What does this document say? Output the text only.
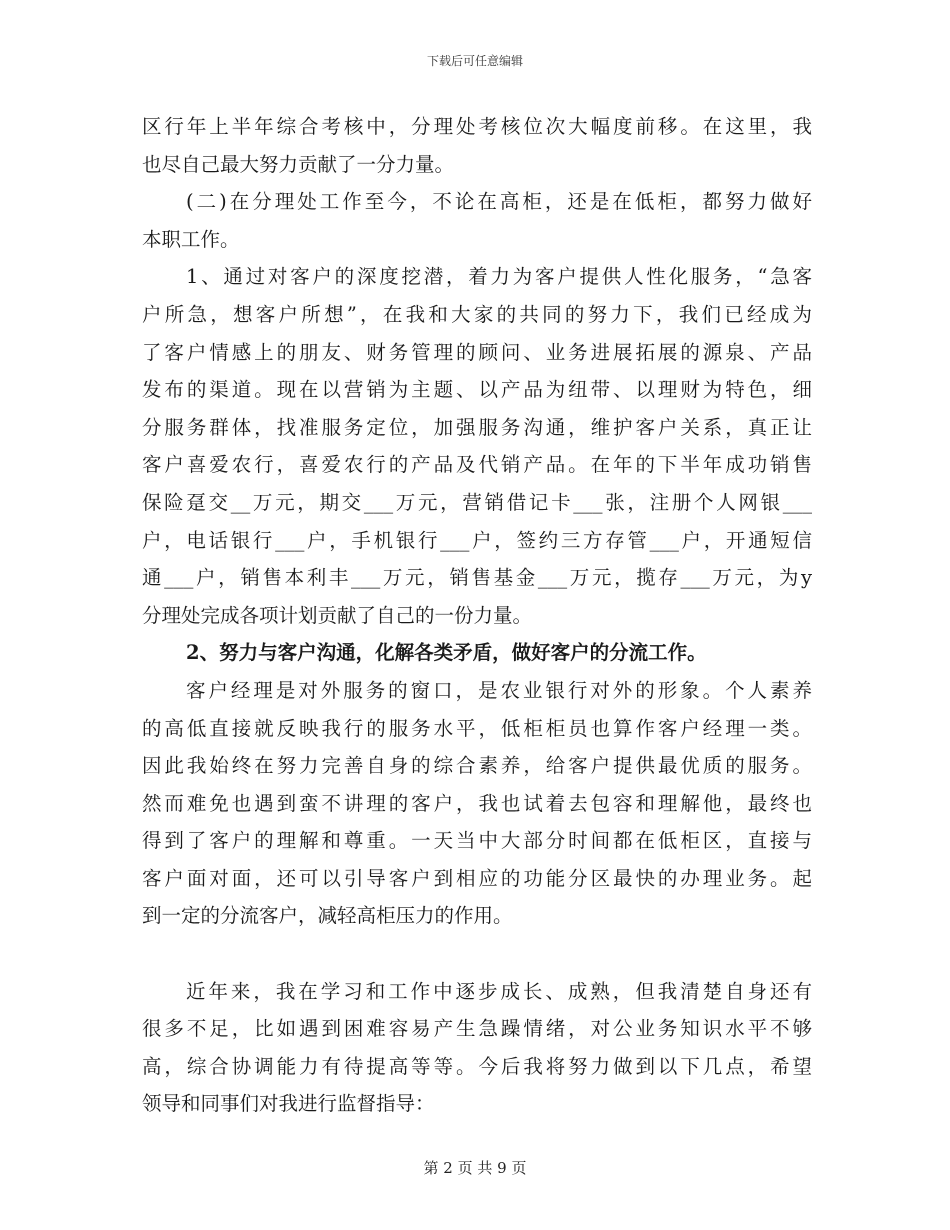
下载后可任意编辑
区行年上半年综合考核中，分理处考核位次大幅度前移。在这里，我
也尽自己最大努力贡献了一分力量。
(二)在分理处工作至今，不论在高柜，还是在低柜，都努力做好
本职工作。
1、通过对客户的深度挖潜，着力为客户提供人性化服务，“急客
户所急，想客户所想”，在我和大家的共同的努力下，我们已经成为
了客户情感上的朋友、财务管理的顾问、业务进展拓展的源泉、产品
发布的渠道。现在以营销为主题、以产品为纽带、以理财为特色，细
分服务群体，找准服务定位，加强服务沟通，维护客户关系，真正让
客户喜爱农行，喜爱农行的产品及代销产品。在年的下半年成功销售
保险趸交__万元，期交___万元，营销借记卡___张，注册个人网银___
户，电话银行___户，手机银行___户，签约三方存管___户，开通短信
通___户，销售本利丰___万元，销售基金___万元，揽存___万元，为y
分理处完成各项计划贡献了自己的一份力量。
2、努力与客户沟通，化解各类矛盾，做好客户的分流工作。
客户经理是对外服务的窗口，是农业银行对外的形象。个人素养
的高低直接就反映我行的服务水平，低柜柜员也算作客户经理一类。
因此我始终在努力完善自身的综合素养，给客户提供最优质的服务。
然而难免也遇到蛮不讲理的客户，我也试着去包容和理解他，最终也
得到了客户的理解和尊重。一天当中大部分时间都在低柜区，直接与
客户面对面，还可以引导客户到相应的功能分区最快的办理业务。起
到一定的分流客户，减轻高柜压力的作用。
近年来，我在学习和工作中逐步成长、成熟，但我清楚自身还有
很多不足，比如遇到困难容易产生急躁情绪，对公业务知识水平不够
高，综合协调能力有待提高等等。今后我将努力做到以下几点，希望
领导和同事们对我进行监督指导：
第 2 页 共 9 页
